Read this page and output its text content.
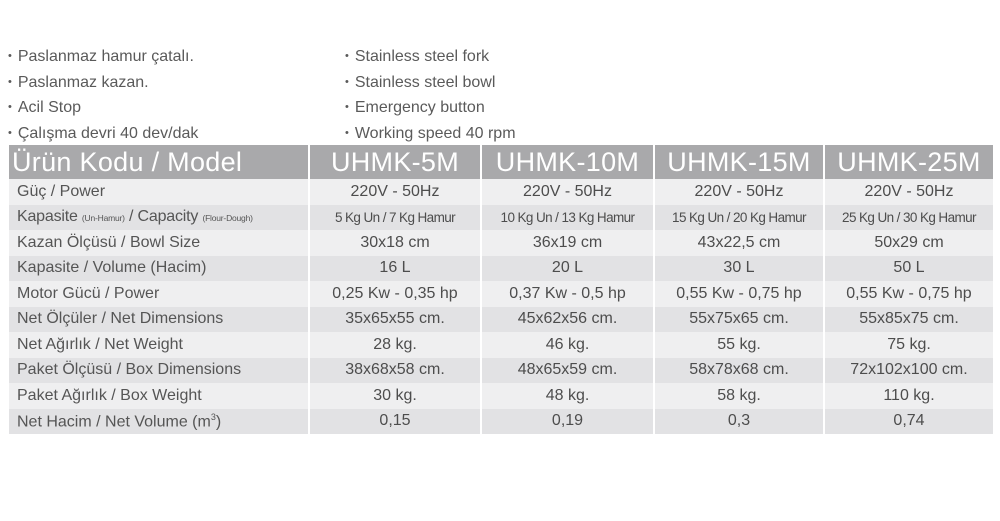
• Paslanmaz hamur çatalı.
• Paslanmaz kazan.
• Acil Stop
• Çalışma devri 40 dev/dak
• Stainless steel fork
• Stainless steel bowl
• Emergency button
• Working speed 40 rpm
Ürün Kodu / Model	UHMK-5M	UHMK-10M	UHMK-15M	UHMK-25M
Güç / Power	220V - 50Hz	220V - 50Hz	220V - 50Hz	220V - 50Hz
Kapasite (Un-Hamur) / Capacity (Flour-Dough)	5 Kg Un / 7 Kg Hamur	10 Kg Un / 13 Kg Hamur	15 Kg Un / 20 Kg Hamur	25 Kg Un / 30 Kg Hamur
Kazan Ölçüsü / Bowl Size	30x18 cm	36x19 cm	43x22,5 cm	50x29 cm
Kapasite / Volume (Hacim)	16 L	20 L	30 L	50 L
Motor Gücü / Power	0,25 Kw - 0,35 hp	0,37 Kw - 0,5 hp	0,55 Kw - 0,75 hp	0,55 Kw - 0,75 hp
Net Ölçüler / Net Dimensions	35x65x55 cm.	45x62x56 cm.	55x75x65 cm.	55x85x75 cm.
Net Ağırlık / Net Weight	28 kg.	46 kg.	55 kg.	75 kg.
Paket Ölçüsü / Box Dimensions	38x68x58 cm.	48x65x59 cm.	58x78x68 cm.	72x102x100 cm.
Paket Ağırlık / Box Weight	30 kg.	48 kg.	58 kg.	110 kg.
Net Hacim / Net Volume $(m^3)$	0,15	0,19	0,3	0,74
